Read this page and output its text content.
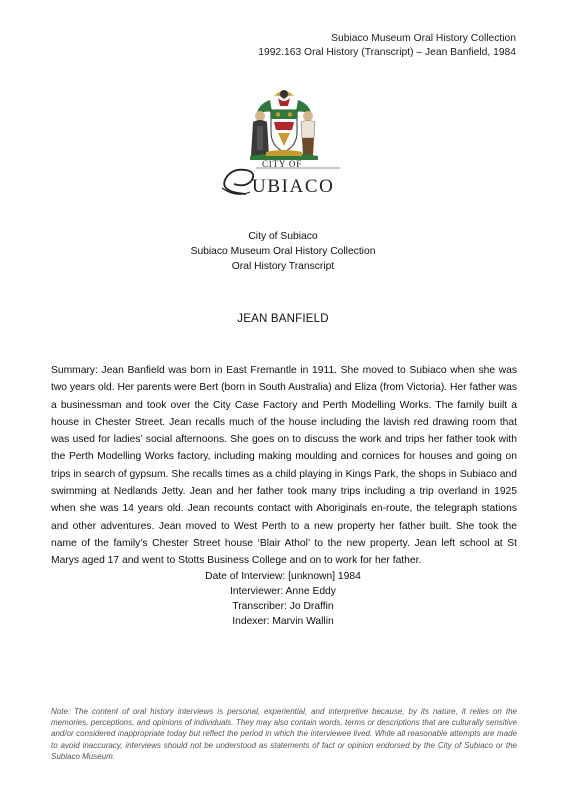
Subiaco Museum Oral History Collection
1992.163 Oral History (Transcript) – Jean Banfield, 1984
CITY OF
UBIACO
City of Subiaco
Subiaco Museum Oral History Collection
Oral History Transcript
JEAN BANFIELD
Summary: Jean Banfield was born in East Fremantle in 1911. She moved to Subiaco when she was two years old. Her parents were Bert (born in South Australia) and Eliza (from Victoria). Her father was a businessman and took over the City Case Factory and Perth Modelling Works. The family built a house in Chester Street. Jean recalls much of the house including the lavish red drawing room that was used for ladies’ social afternoons. She goes on to discuss the work and trips her father took with the Perth Modelling Works factory, including making moulding and cornices for houses and going on trips in search of gypsum. She recalls times as a child playing in Kings Park, the shops in Subiaco and swimming at Nedlands Jetty. Jean and her father took many trips including a trip overland in 1925 when she was 14 years old. Jean recounts contact with Aboriginals en-route, the telegraph stations and other adventures. Jean moved to West Perth to a new property her father built. She took the name of the family’s Chester Street house ‘Blair Athol’ to the new property. Jean left school at St Marys aged 17 and went to Stotts Business College and on to work for her father.
Date of Interview: [unknown] 1984
Interviewer: Anne Eddy
Transcriber: Jo Draffin
Indexer: Marvin Wallin
Note: The content of oral history interviews is personal, experiential, and interpretive because, by its nature, it relies on the memories, perceptions, and opinions of individuals. They may also contain words, terms or descriptions that are culturally sensitive and/or considered inappropriate today but reflect the period in which the interviewee lived. While all reasonable attempts are made to avoid inaccuracy, interviews should not be understood as statements of fact or opinion endorsed by the City of Subiaco or the Subiaco Museum.
